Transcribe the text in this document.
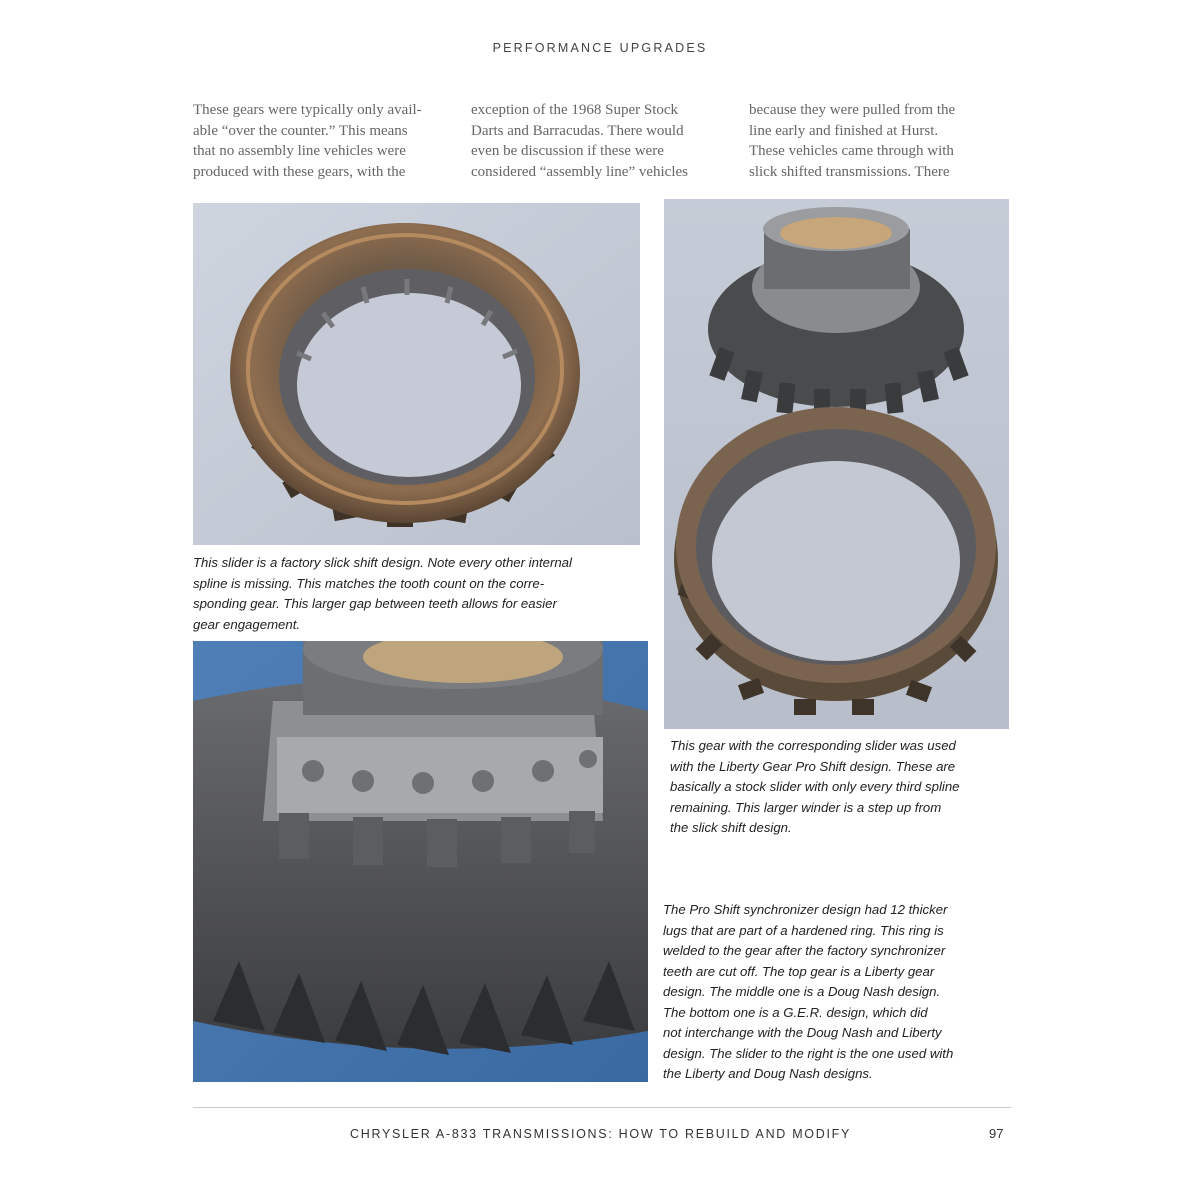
PERFORMANCE UPGRADES
These gears were typically only avail-
able “over the counter.” This means
that no assembly line vehicles were
produced with these gears, with the
exception of the 1968 Super Stock
Darts and Barracudas. There would
even be discussion if these were
considered “assembly line” vehicles
because they were pulled from the
line early and finished at Hurst.
These vehicles came through with
slick shifted transmissions. There
This slider is a factory slick shift design. Note every other internal
spline is missing. This matches the tooth count on the corre-
sponding gear. This larger gap between teeth allows for easier
gear engagement.
This gear with the corresponding slider was used
with the Liberty Gear Pro Shift design. These are
basically a stock slider with only every third spline
remaining. This larger winder is a step up from
the slick shift design.
The Pro Shift synchronizer design had 12 thicker
lugs that are part of a hardened ring. This ring is
welded to the gear after the factory synchronizer
teeth are cut off. The top gear is a Liberty gear
design. The middle one is a Doug Nash design.
The bottom one is a G.E.R. design, which did
not interchange with the Doug Nash and Liberty
design. The slider to the right is the one used with
the Liberty and Doug Nash designs.
CHRYSLER A-833 TRANSMISSIONS: HOW TO REBUILD AND MODIFY	97
